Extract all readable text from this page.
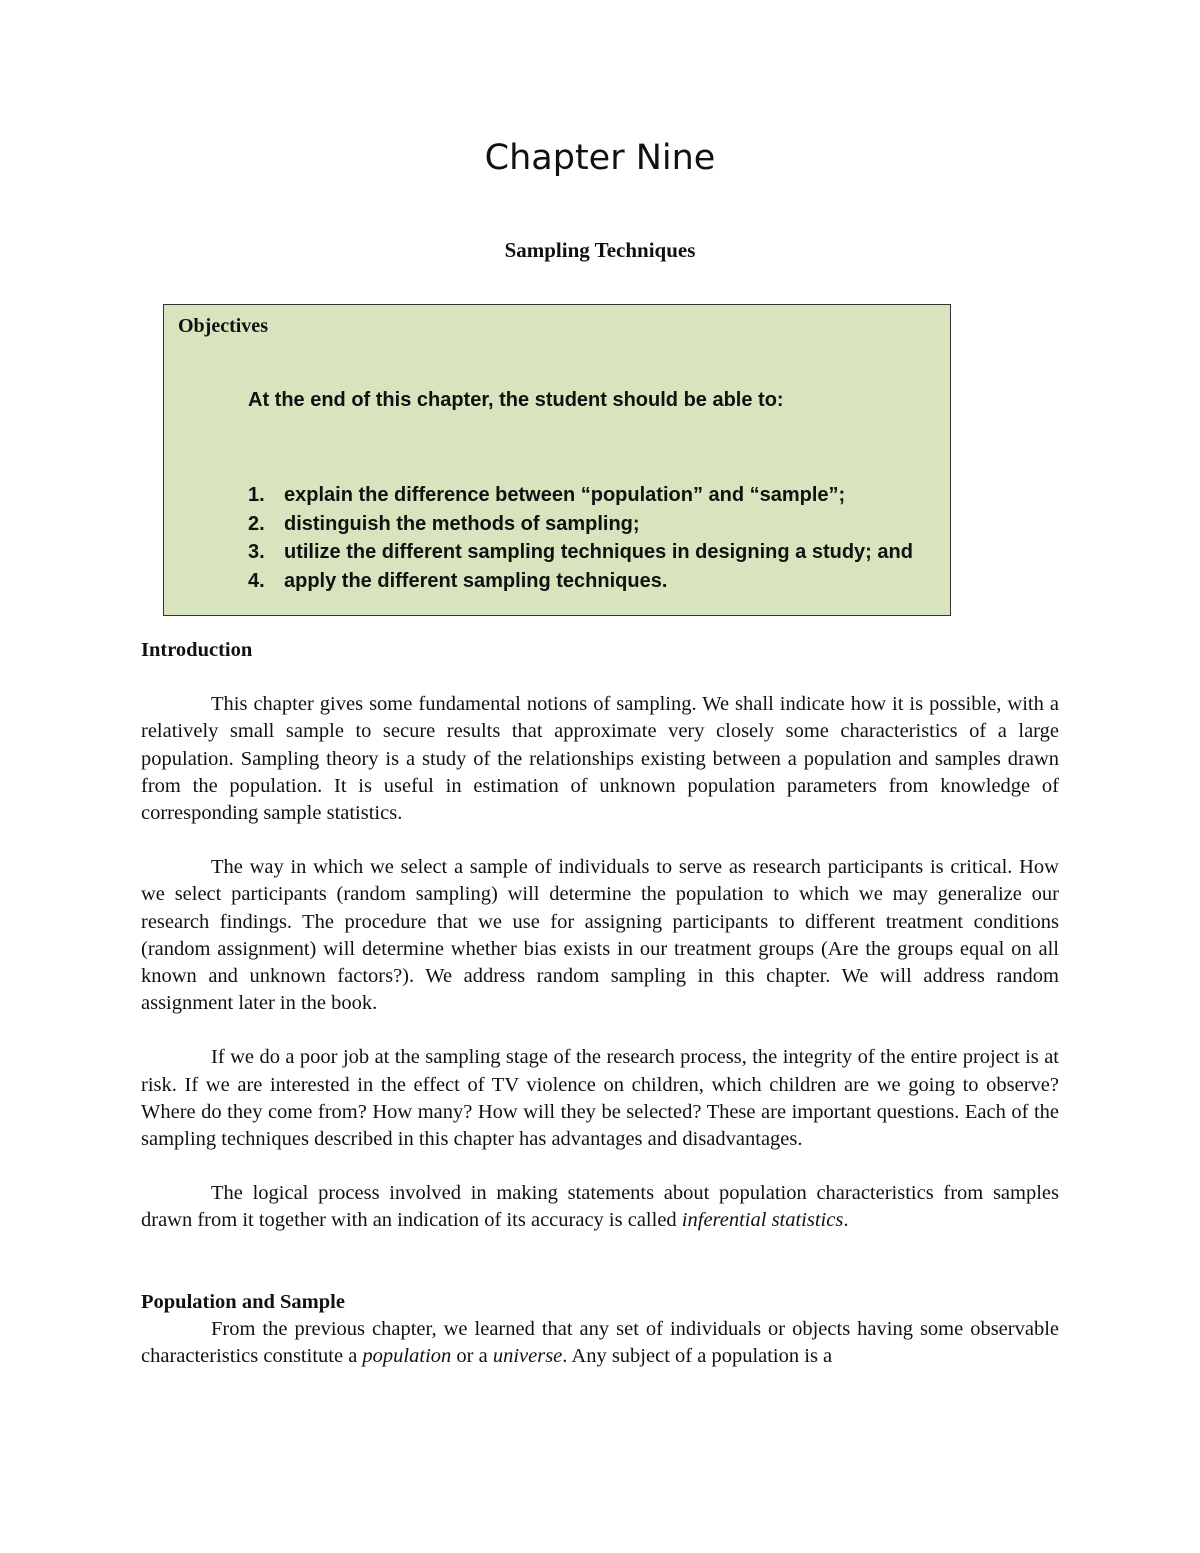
Chapter Nine
Sampling Techniques
Objectives
At the end of this chapter, the student should be able to:
1. explain the difference between “population” and “sample”;
2. distinguish the methods of sampling;
3. utilize the different sampling techniques in designing a study; and
4. apply the different sampling techniques.

Introduction

This chapter gives some fundamental notions of sampling. We shall indicate how it is possible, with a relatively small sample to secure results that approximate very closely some characteristics of a large population. Sampling theory is a study of the relationships existing between a population and samples drawn from the population. It is useful in estimation of unknown population parameters from knowledge of corresponding sample statistics.

The way in which we select a sample of individuals to serve as research participants is critical. How we select participants (random sampling) will determine the population to which we may generalize our research findings. The procedure that we use for assigning participants to different treatment conditions (random assignment) will determine whether bias exists in our treatment groups (Are the groups equal on all known and unknown factors?). We address random sampling in this chapter. We will address random assignment later in the book.

If we do a poor job at the sampling stage of the research process, the integrity of the entire project is at risk. If we are interested in the effect of TV violence on children, which children are we going to observe? Where do they come from? How many? How will they be selected? These are important questions. Each of the sampling techniques described in this chapter has advantages and disadvantages.

The logical process involved in making statements about population characteristics from samples drawn from it together with an indication of its accuracy is called inferential statistics.

Population and Sample

From the previous chapter, we learned that any set of individuals or objects having some observable characteristics constitute a population or a universe. Any subject of a population is a
